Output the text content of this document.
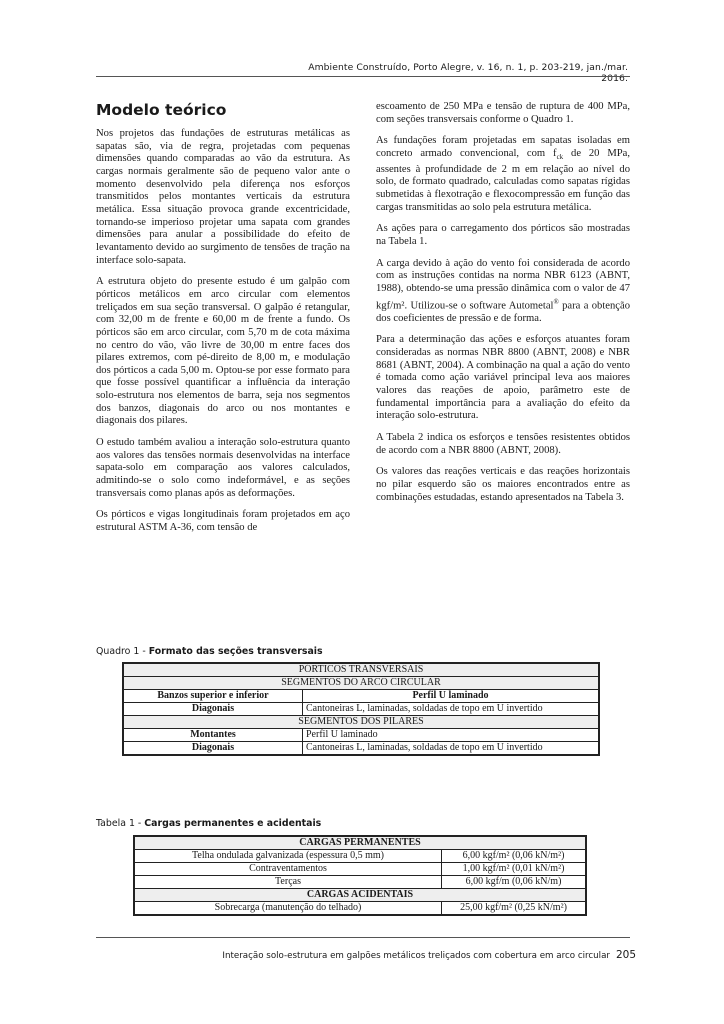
Ambiente Construído, Porto Alegre, v. 16, n. 1, p. 203-219, jan./mar. 2016.
Modelo teórico

Nos projetos das fundações de estruturas metálicas as sapatas são, via de regra, projetadas com pequenas dimensões quando comparadas ao vão da estrutura. As cargas normais geralmente são de pequeno valor ante o momento desenvolvido pela diferença nos esforços transmitidos pelos montantes verticais da estrutura metálica. Essa situação provoca grande excentricidade, tornando-se imperioso projetar uma sapata com grandes dimensões para anular a possibilidade do efeito de levantamento devido ao surgimento de tensões de tração na interface solo-sapata.

A estrutura objeto do presente estudo é um galpão com pórticos metálicos em arco circular com elementos treliçados em sua seção transversal. O galpão é retangular, com 32,00 m de frente e 60,00 m de frente a fundo. Os pórticos são em arco circular, com 5,70 m de cota máxima no centro do vão, vão livre de 30,00 m entre faces dos pilares extremos, com pé-direito de 8,00 m, e modulação dos pórticos a cada 5,00 m. Optou-se por esse formato para que fosse possível quantificar a influência da interação solo-estrutura nos elementos de barra, seja nos segmentos dos banzos, diagonais do arco ou nos montantes e diagonais dos pilares.

O estudo também avaliou a interação solo-estrutura quanto aos valores das tensões normais desenvolvidas na interface sapata-solo em comparação aos valores calculados, admitindo-se o solo como indeformável, e as seções transversais como planas após as deformações.

Os pórticos e vigas longitudinais foram projetados em aço estrutural ASTM A-36, com tensão de

escoamento de 250 MPa e tensão de ruptura de 400 MPa, com seções transversais conforme o Quadro 1.

As fundações foram projetadas em sapatas isoladas em concreto armado convencional, com $f_{ck}$ de 20 MPa, assentes à profundidade de 2 m em relação ao nível do solo, de formato quadrado, calculadas como sapatas rígidas submetidas à flexotração e flexocompressão em função das cargas transmitidas ao solo pela estrutura metálica.

As ações para o carregamento dos pórticos são mostradas na Tabela 1.

A carga devido à ação do vento foi considerada de acordo com as instruções contidas na norma NBR 6123 (ABNT, 1988), obtendo-se uma pressão dinâmica com o valor de 47 kgf/m². Utilizou-se o software Autometal® para a obtenção dos coeficientes de pressão e de forma.

Para a determinação das ações e esforços atuantes foram consideradas as normas NBR 8800 (ABNT, 2008) e NBR 8681 (ABNT, 2004). A combinação na qual a ação do vento é tomada como ação variável principal leva aos maiores valores das reações de apoio, parâmetro este de fundamental importância para a avaliação do efeito da interação solo-estrutura.

A Tabela 2 indica os esforços e tensões resistentes obtidos de acordo com a NBR 8800 (ABNT, 2008).

Os valores das reações verticais e das reações horizontais no pilar esquerdo são os maiores encontrados entre as combinações estudadas, estando apresentados na Tabela 3.

Quadro 1 - Formato das seções transversais
PÓRTICOS TRANSVERSAIS	
SEGMENTOS DO ARCO CIRCULAR	
Banzos superior e inferior	Perfil U laminado
Diagonais	Cantoneiras L, laminadas, soldadas de topo em U invertido
SEGMENTOS DOS PILARES	
Montantes	Perfil U laminado
Diagonais	Cantoneiras L, laminadas, soldadas de topo em U invertido
Tabela 1 - Cargas permanentes e acidentais
CARGAS PERMANENTES	
Telha ondulada galvanizada (espessura 0,5 mm)	6,00 kgf/m² (0,06 kN/m²)
Contraventamentos	1,00 kgf/m² (0,01 kN/m²)
Terças	6,00 kgf/m (0,06 kN/m)
CARGAS ACIDENTAIS	
Sobrecarga (manutenção do telhado)	25,00 kgf/m² (0,25 kN/m²)
Interação solo-estrutura em galpões metálicos treliçados com cobertura em arco circular 205
